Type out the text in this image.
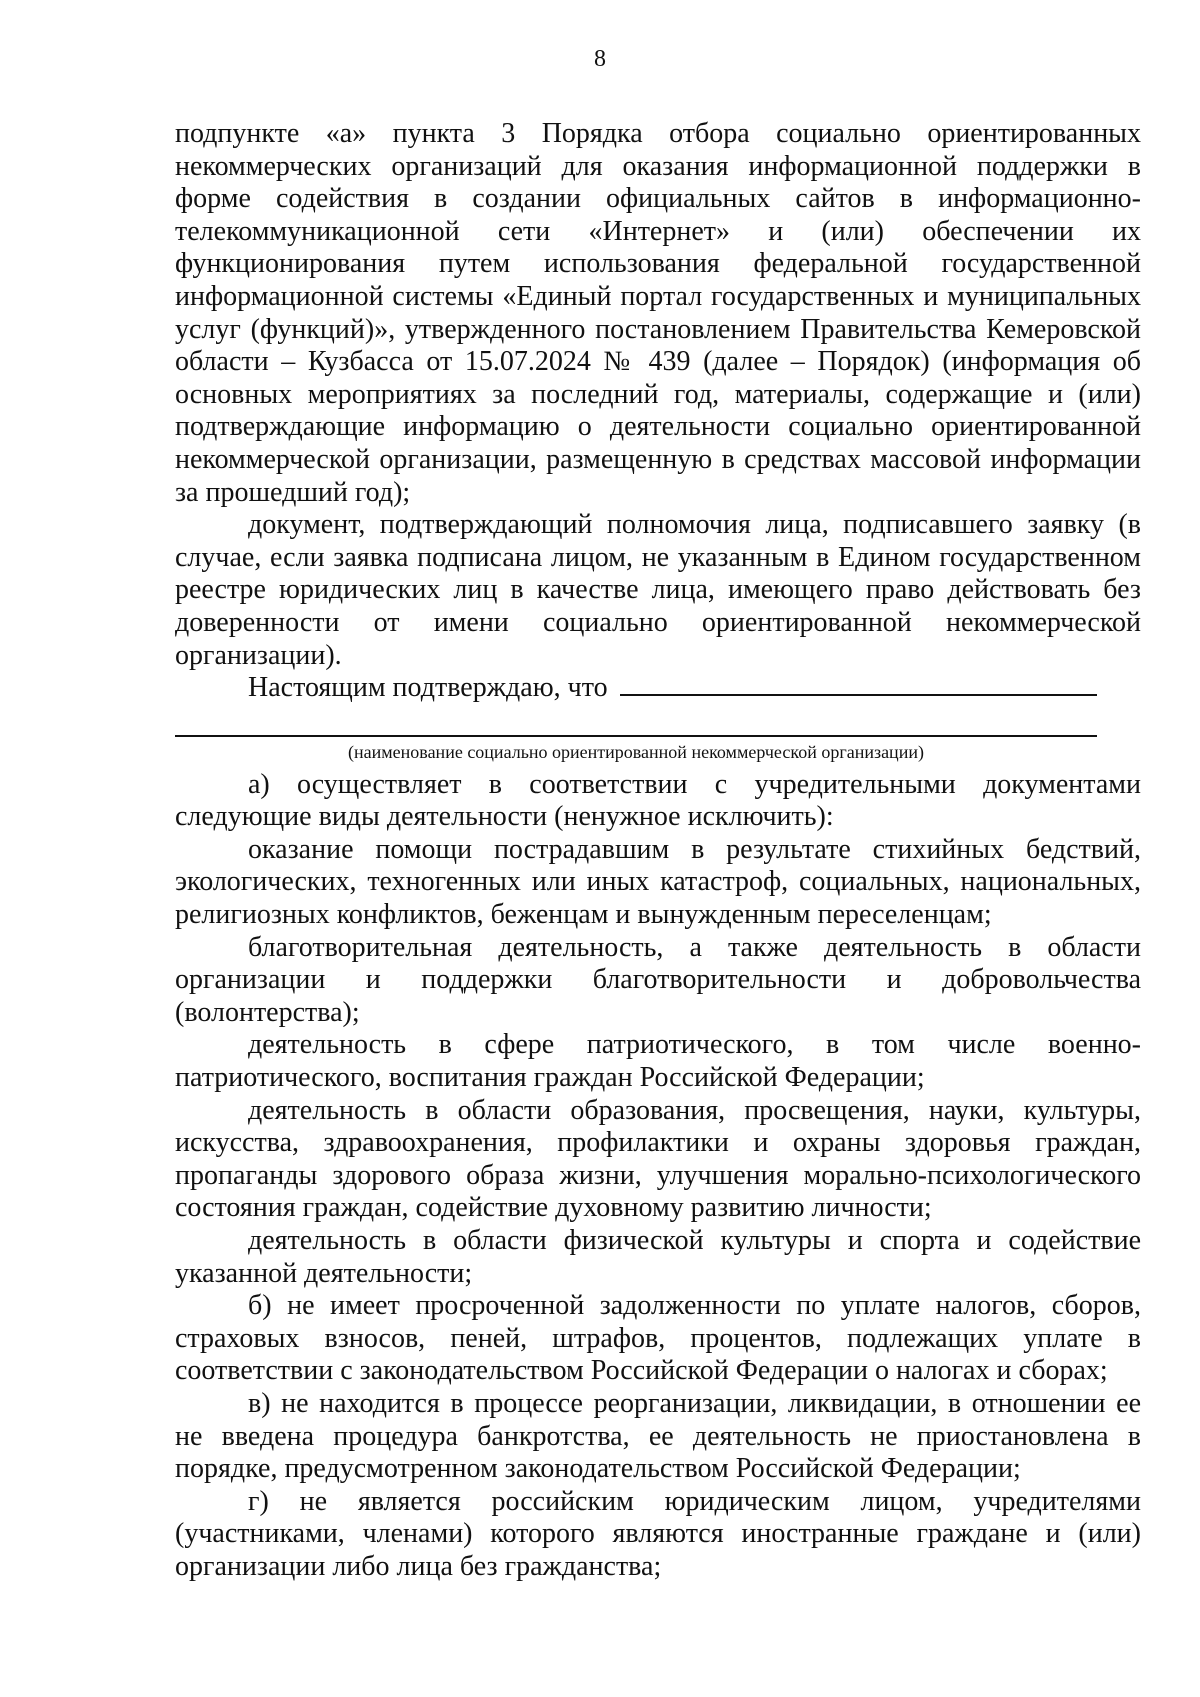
8

подпункте «а» пункта 3 Порядка отбора социально ориентированных некоммерческих организаций для оказания информационной поддержки в форме содействия в создании официальных сайтов в информационно-телекоммуникационной сети «Интернет» и (или) обеспечении их функционирования путем использования федеральной государственной информационной системы «Единый портал государственных и муниципальных услуг (функций)», утвержденного постановлением Правительства Кемеровской области – Кузбасса от 15.07.2024 № 439 (далее – Порядок) (информация об основных мероприятиях за последний год, материалы, содержащие и (или) подтверждающие информацию о деятельности социально ориентированной некоммерческой организации, размещенную в средствах массовой информации за прошедший год);

документ, подтверждающий полномочия лица, подписавшего заявку (в случае, если заявка подписана лицом, не указанным в Едином государственном реестре юридических лиц в качестве лица, имеющего право действовать без доверенности от имени социально ориентированной некоммерческой организации).

Настоящим подтверждаю, что
(наименование социально ориентированной некоммерческой организации)

а) осуществляет в соответствии с учредительными документами следующие виды деятельности (ненужное исключить):

оказание помощи пострадавшим в результате стихийных бедствий, экологических, техногенных или иных катастроф, социальных, национальных, религиозных конфликтов, беженцам и вынужденным переселенцам;

благотворительная деятельность, а также деятельность в области организации и поддержки благотворительности и добровольчества (волонтерства);

деятельность в сфере патриотического, в том числе военно-патриотического, воспитания граждан Российской Федерации;

деятельность в области образования, просвещения, науки, культуры, искусства, здравоохранения, профилактики и охраны здоровья граждан, пропаганды здорового образа жизни, улучшения морально-психологического состояния граждан, содействие духовному развитию личности;

деятельность в области физической культуры и спорта и содействие указанной деятельности;

б) не имеет просроченной задолженности по уплате налогов, сборов, страховых взносов, пеней, штрафов, процентов, подлежащих уплате в соответствии с законодательством Российской Федерации о налогах и сборах;

в) не находится в процессе реорганизации, ликвидации, в отношении ее не введена процедура банкротства, ее деятельность не приостановлена в порядке, предусмотренном законодательством Российской Федерации;

г) не является российским юридическим лицом, учредителями (участниками, членами) которого являются иностранные граждане и (или) организации либо лица без гражданства;
